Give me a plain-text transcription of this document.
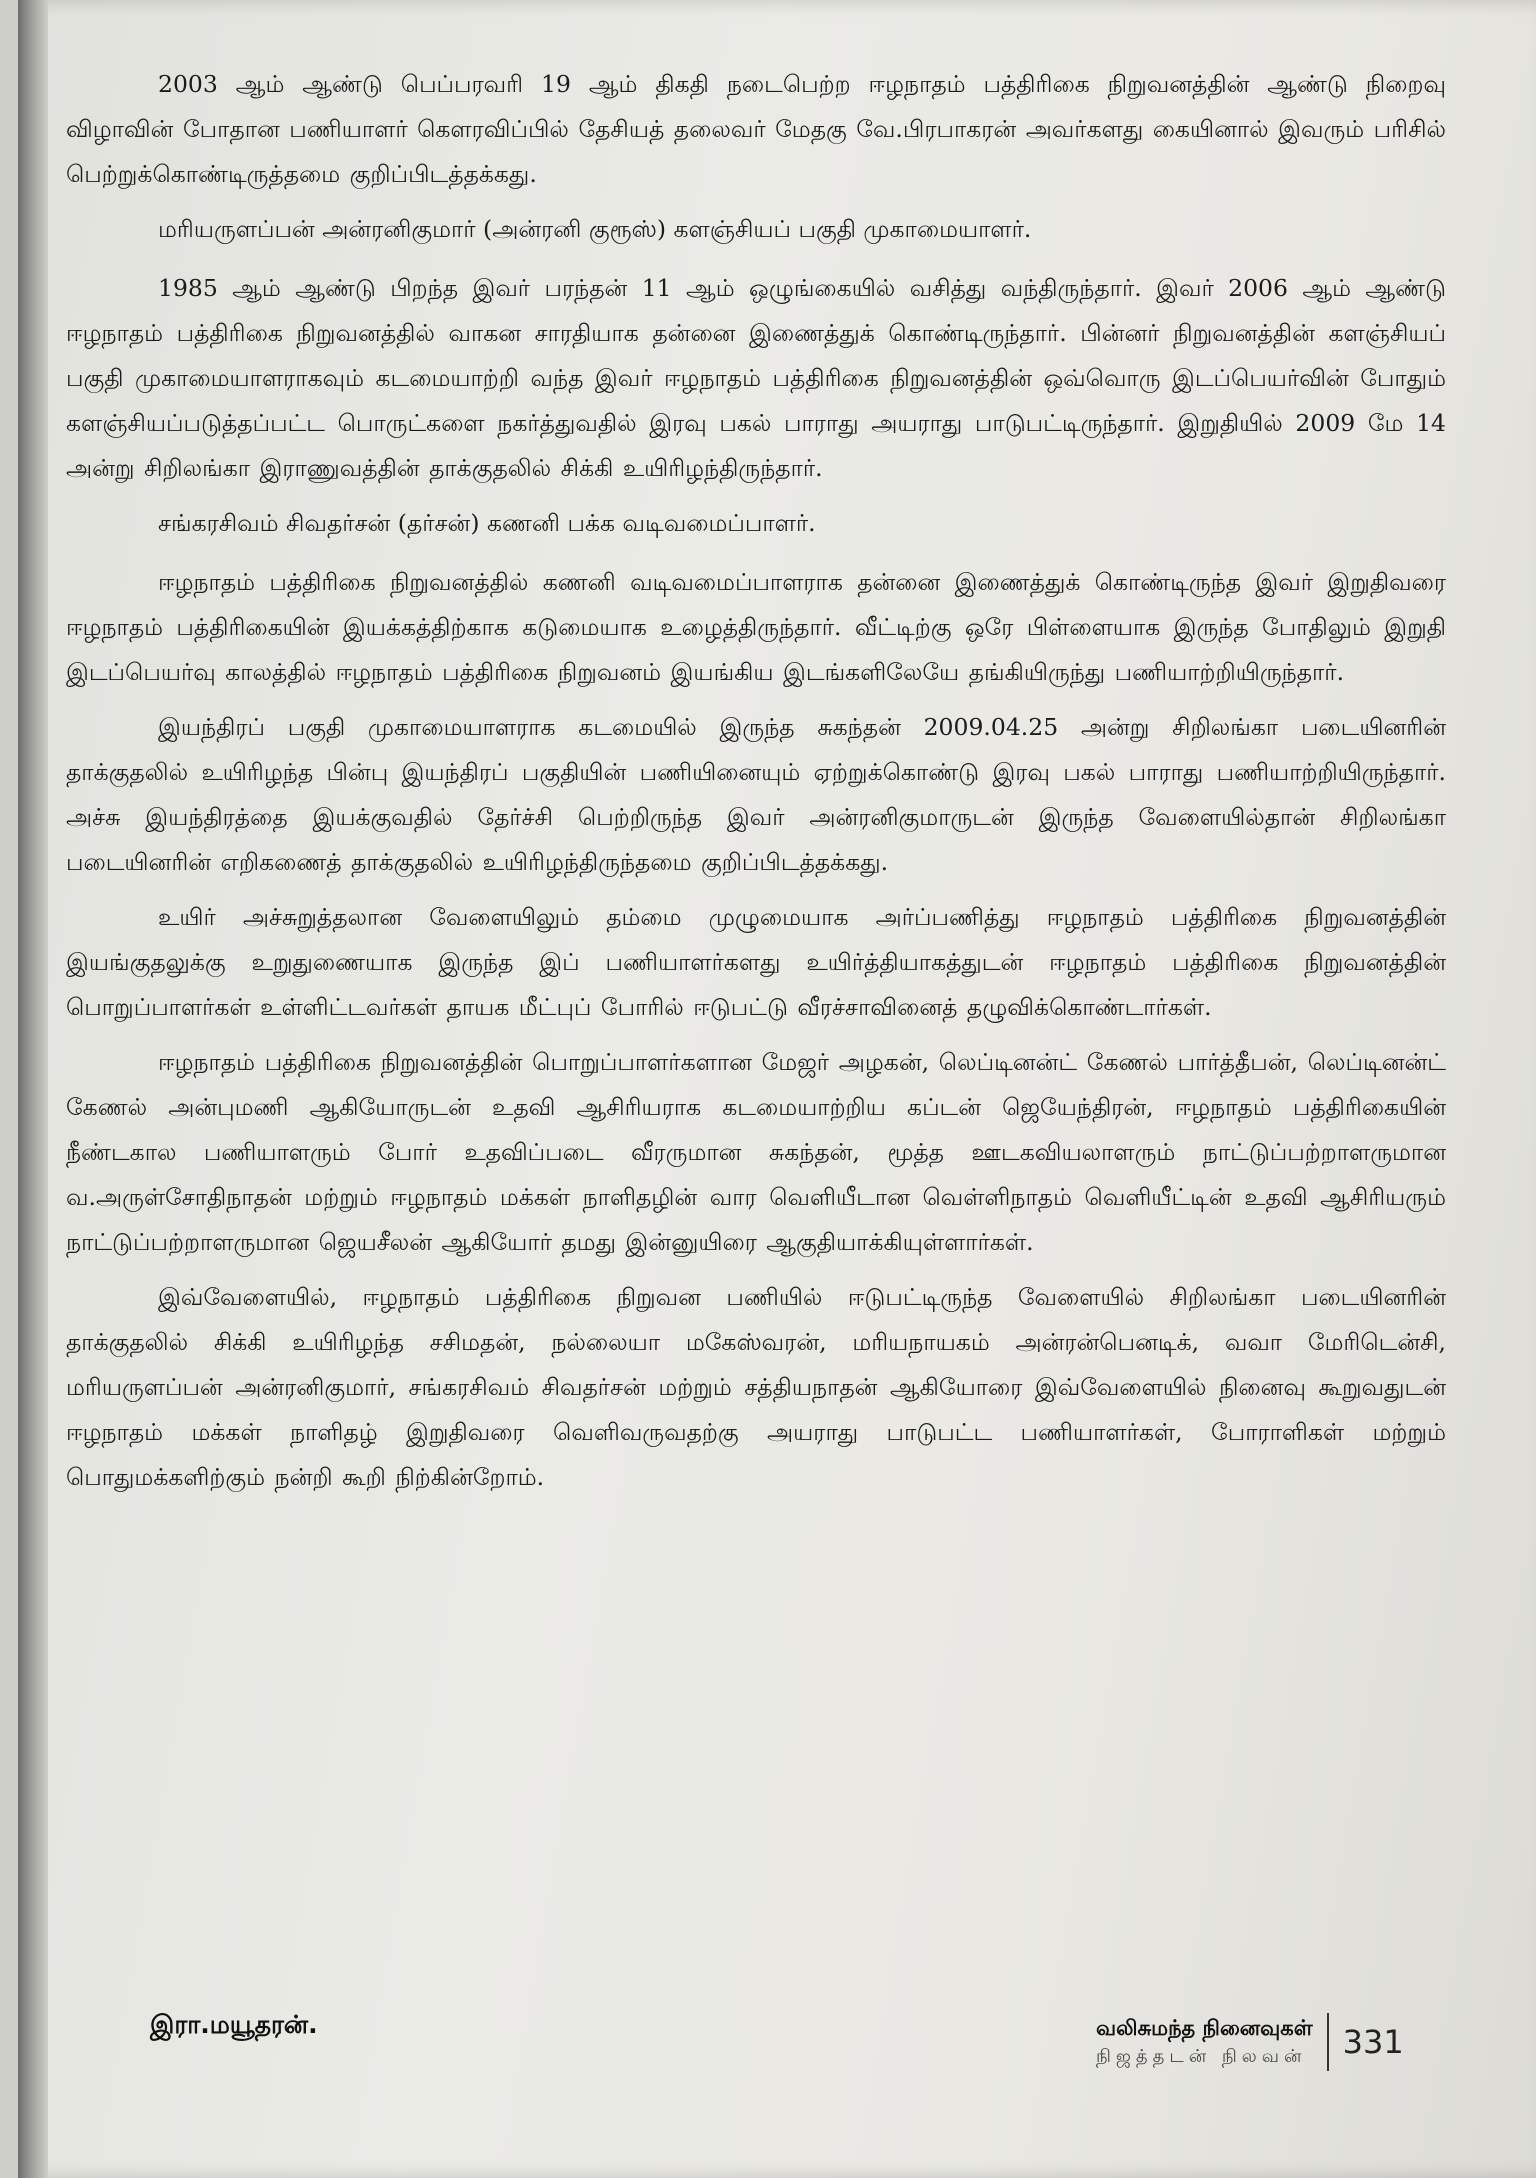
2003 ஆம் ஆண்டு பெப்பரவரி 19 ஆம் திகதி நடைபெற்ற ஈழநாதம் பத்திரிகை நிறுவனத்தின் ஆண்டு நிறைவு விழாவின் போதான பணியாளர் கௌரவிப்பில் தேசியத் தலைவர் மேதகு வே.பிரபாகரன் அவர்களது கையினால் இவரும் பரிசில் பெற்றுக்கொண்டிருத்தமை குறிப்பிடத்தக்கது.

மரியருளப்பன் அன்ரனிகுமார் (அன்ரனி குரூஸ்) களஞ்சியப் பகுதி முகாமையாளர்.

1985 ஆம் ஆண்டு பிறந்த இவர் பரந்தன் 11 ஆம் ஒழுங்கையில் வசித்து வந்திருந்தார். இவர் 2006 ஆம் ஆண்டு ஈழநாதம் பத்திரிகை நிறுவனத்தில் வாகன சாரதியாக தன்னை இணைத்துக் கொண்டிருந்தார். பின்னர் நிறுவனத்தின் களஞ்சியப் பகுதி முகாமையாளராகவும் கடமையாற்றி வந்த இவர் ஈழநாதம் பத்திரிகை நிறுவனத்தின் ஒவ்வொரு இடப்பெயர்வின் போதும் களஞ்சியப்படுத்தப்பட்ட பொருட்களை நகர்த்துவதில் இரவு பகல் பாராது அயராது பாடுபட்டிருந்தார். இறுதியில் 2009 மே 14 அன்று சிறிலங்கா இராணுவத்தின் தாக்குதலில் சிக்கி உயிரிழந்திருந்தார்.

சங்கரசிவம் சிவதர்சன் (தர்சன்) கணனி பக்க வடிவமைப்பாளர்.

ஈழநாதம் பத்திரிகை நிறுவனத்தில் கணனி வடிவமைப்பாளராக தன்னை இணைத்துக் கொண்டிருந்த இவர் இறுதிவரை ஈழநாதம் பத்திரிகையின் இயக்கத்திற்காக கடுமையாக உழைத்திருந்தார். வீட்டிற்கு ஒரே பிள்ளையாக இருந்த போதிலும் இறுதி இடப்பெயர்வு காலத்தில் ஈழநாதம் பத்திரிகை நிறுவனம் இயங்கிய இடங்களிலேயே தங்கியிருந்து பணியாற்றியிருந்தார்.

இயந்திரப் பகுதி முகாமையாளராக கடமையில் இருந்த சுகந்தன் 2009.04.25 அன்று சிறிலங்கா படையினரின் தாக்குதலில் உயிரிழந்த பின்பு இயந்திரப் பகுதியின் பணியினையும் ஏற்றுக்கொண்டு இரவு பகல் பாராது பணியாற்றியிருந்தார். அச்சு இயந்திரத்தை இயக்குவதில் தேர்ச்சி பெற்றிருந்த இவர் அன்ரனிகுமாருடன் இருந்த வேளையில்தான் சிறிலங்கா படையினரின் எறிகணைத் தாக்குதலில் உயிரிழந்திருந்தமை குறிப்பிடத்தக்கது.

உயிர் அச்சுறுத்தலான வேளையிலும் தம்மை முழுமையாக அர்ப்பணித்து ஈழநாதம் பத்திரிகை நிறுவனத்தின் இயங்குதலுக்கு உறுதுணையாக இருந்த இப் பணியாளர்களது உயிர்த்தியாகத்துடன் ஈழநாதம் பத்திரிகை நிறுவனத்தின் பொறுப்பாளர்கள் உள்ளிட்டவர்கள் தாயக மீட்புப் போரில் ஈடுபட்டு வீரச்சாவினைத் தழுவிக்கொண்டார்கள்.

ஈழநாதம் பத்திரிகை நிறுவனத்தின் பொறுப்பாளர்களான மேஜர் அழகன், லெப்டினன்ட் கேணல் பார்த்தீபன், லெப்டினன்ட் கேணல் அன்புமணி ஆகியோருடன் உதவி ஆசிரியராக கடமையாற்றிய கப்டன் ஜெயேந்திரன், ஈழநாதம் பத்திரிகையின் நீண்டகால பணியாளரும் போர் உதவிப்படை வீரருமான சுகந்தன், மூத்த ஊடகவியலாளரும் நாட்டுப்பற்றாளருமான வ.அருள்சோதிநாதன் மற்றும் ஈழநாதம் மக்கள் நாளிதழின் வார வெளியீடான வெள்ளிநாதம் வெளியீட்டின் உதவி ஆசிரியரும் நாட்டுப்பற்றாளருமான ஜெயசீலன் ஆகியோர் தமது இன்னுயிரை ஆகுதியாக்கியுள்ளார்கள்.

இவ்வேளையில், ஈழநாதம் பத்திரிகை நிறுவன பணியில் ஈடுபட்டிருந்த வேளையில் சிறிலங்கா படையினரின் தாக்குதலில் சிக்கி உயிரிழந்த சசிமதன், நல்லையா மகேஸ்வரன், மரியநாயகம் அன்ரன்பெனடிக், வவா மேரிடென்சி, மரியருளப்பன் அன்ரனிகுமார், சங்கரசிவம் சிவதர்சன் மற்றும் சத்தியநாதன் ஆகியோரை இவ்வேளையில் நினைவு கூறுவதுடன் ஈழநாதம் மக்கள் நாளிதழ் இறுதிவரை வெளிவருவதற்கு அயராது பாடுபட்ட பணியாளர்கள், போராளிகள் மற்றும் பொதுமக்களிற்கும் நன்றி கூறி நிற்கின்றோம்.

இரா.மயூதரன்.	வலிசுமந்த நினைவுகள்
நிஜத்தடன் நிலவன்	331
